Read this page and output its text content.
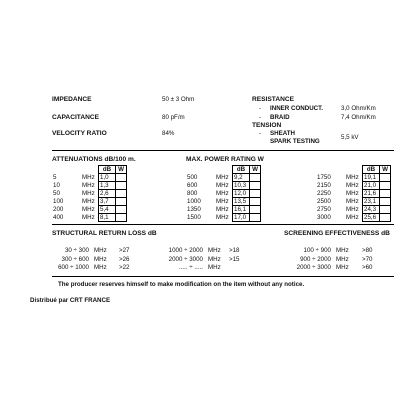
IMPEDANCE	50 ± 3 Ohm
CAPACITANCE	80 pF/m
VELOCITY RATIO	84%
RESISTANCE
- INNER CONDUCT.	3,0 Ohm/Km
- BRAID	7,4 Ohm/Km
TENSION
- SHEATH
SPARK TESTING
5,5 kV
ATTENUATIONS dB/100 m.
		dB	W
5	MHz	1,0	
10	MHz	1,3	
50	MHz	2,6	
100	MHz	3,7	
200	MHz	5,4	
400	MHz	8,1	
MAX. POWER RATING W
		dB	W
500	MHz	9,2	
600	MHz	10,3	
800	MHz	12,0	
1000	MHz	13,5	
1350	MHz	16,1	
1500	MHz	17,0	
		dB	W
1750	MHz	19,1	
2150	MHz	21,0	
2250	MHz	21,6	
2500	MHz	23,1	
2750	MHz	24,3	
3000	MHz	25,6	
STRUCTURAL RETURN LOSS dB
30 ÷ 300 MHz >27
300 ÷ 600 MHz >26
600 ÷ 1000 MHz >22
1000 ÷ 2000 MHz >18
2000 ÷ 3000 MHz >15
..... ÷ ..... MHz
SCREENING EFFECTIVENESS dB
100 ÷ 900 MHz >80
900 ÷ 2000 MHz >70
2000 ÷ 3000 MHz >60
The producer reserves himself to make modification on the item without any notice.
Distribué par CRT FRANCE
